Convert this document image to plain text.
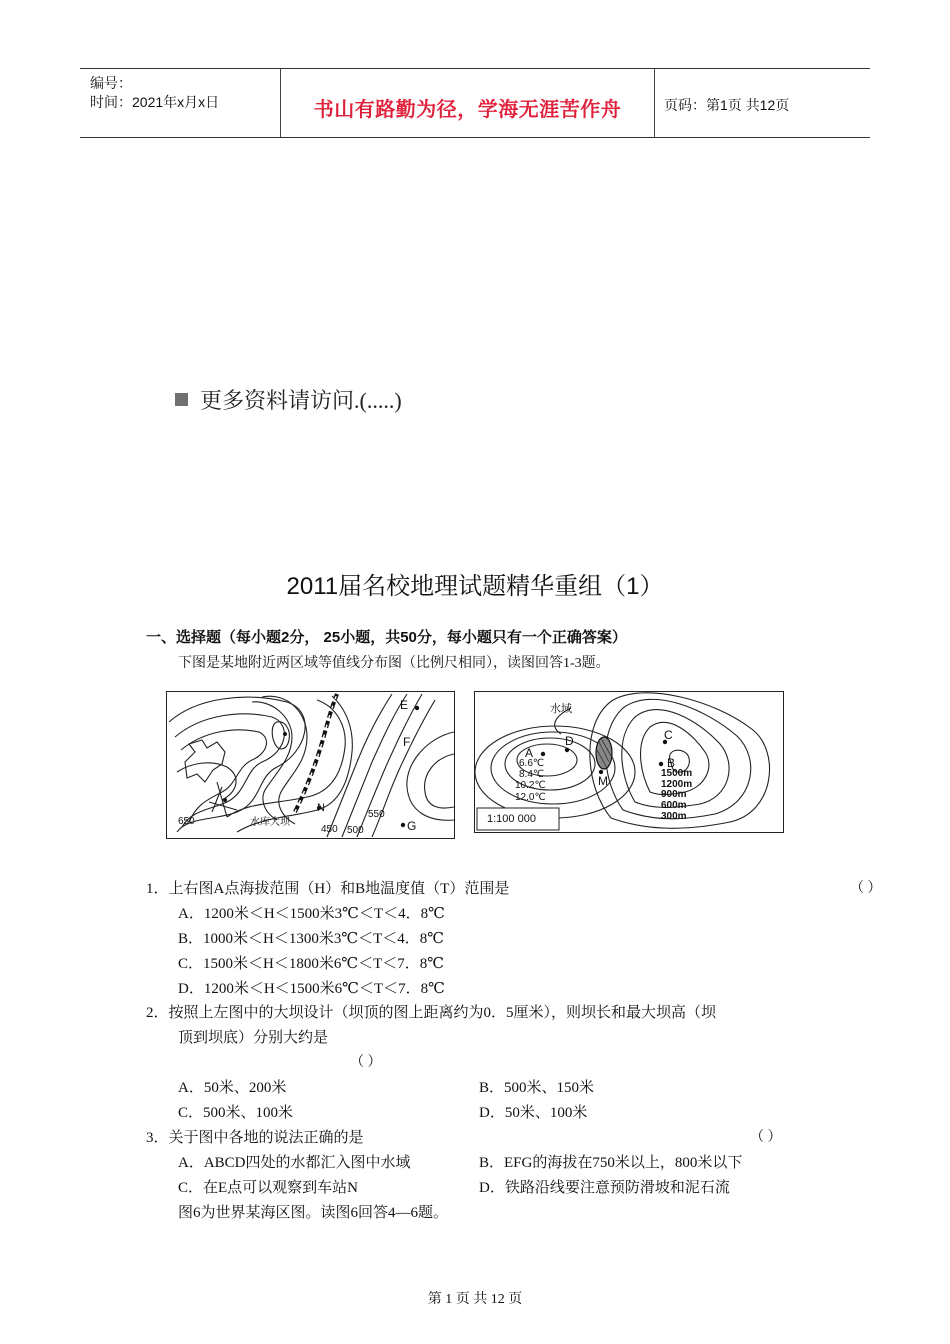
编号：
时间：2021年x月x日	书山有路勤为径，学海无涯苦作舟	页码：第1页 共12页
更多资料请访问.(.....)
2011届名校地理试题精华重组（1）
一、选择题（每小题2分， 25小题，共50分，每小题只有一个正确答案）
下图是某地附近两区域等值线分布图（比例尺相同），读图回答1-3题。
E
F
G
N
650	水库大坝
450 500
550
水域
A
D
M
C
B
6.6℃
8.4℃
10.2℃
12.0℃
1500m
1200m
900m
600m
300m
1:100 000
1．上右图A点海拔范围（H）和B地温度值（T）范围是	（ ）
A．1200米＜H＜1500米3℃＜T＜4．8℃
B．1000米＜H＜1300米3℃＜T＜4．8℃
C．1500米＜H＜1800米6℃＜T＜7．8℃
D．1200米＜H＜1500米6℃＜T＜7．8℃
2．按照上左图中的大坝设计（坝顶的图上距离约为0．5厘米），则坝长和最大坝高（坝
顶到坝底）分别大约是
（ ）
A．50米、200米	B．500米、150米
C．500米、100米	D．50米、100米
3．关于图中各地的说法正确的是	（ ）
A．ABCD四处的水都汇入图中水域	B．EFG的海拔在750米以上，800米以下
C．在E点可以观察到车站N	D．铁路沿线要注意预防滑坡和泥石流
图6为世界某海区图。读图6回答4—6题。
第 1 页 共 12 页
